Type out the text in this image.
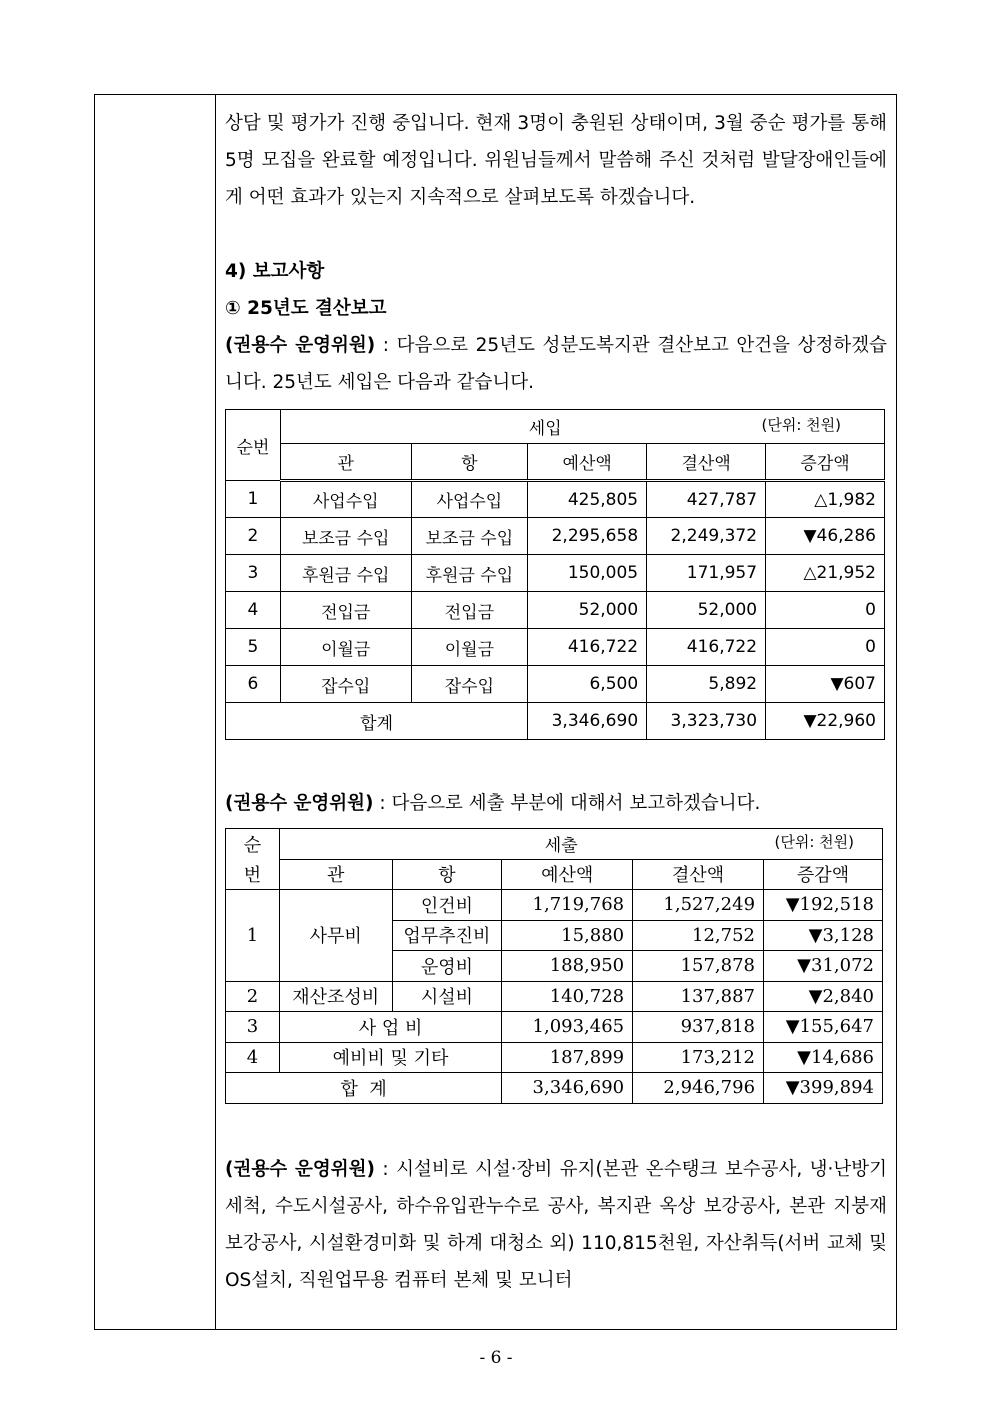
상담 및 평가가 진행 중입니다. 현재 3명이 충원된 상태이며, 3월 중순 평가를 통해 5명 모집을 완료할 예정입니다. 위원님들께서 말씀해 주신 것처럼 발달장애인들에게 어떤 효과가 있는지 지속적으로 살펴보도록 하겠습니다.

4) 보고사항

① 25년도 결산보고

(권용수 운영위원) : 다음으로 25년도 성분도복지관 결산보고 안건을 상정하겠습니다. 25년도 세입은 다음과 같습니다.

순번	세입 (단위: 천원)				

	관	항	예산액	결산액	증감액
1	사업수입	사업수입	425,805	427,787	△1,982
2	보조금 수입	보조금 수입	2,295,658	2,249,372	▼46,286
3	후원금 수입	후원금 수입	150,005	171,957	△21,952
4	전입금	전입금	52,000	52,000	0
5	이월금	이월금	416,722	416,722	0
6	잡수입	잡수입	6,500	5,892	▼607
합계			3,346,690	3,323,730	▼22,960

(권용수 운영위원) : 다음으로 세출 부분에 대해서 보고하겠습니다.

순	세출 (단위: 천원)				

번	관	항	예산액	결산액	증감액
1	사무비	인건비	1,719,768	1,527,249	▼192,518
		업무추진비	15,880	12,752	▼3,128
		운영비	188,950	157,878	▼31,072
2	재산조성비	시설비	140,728	137,887	▼2,840
3	사 업 비		1,093,465	937,818	▼155,647
4	예비비 및 기타		187,899	173,212	▼14,686
합  계			3,346,690	2,946,796	▼399,894

(권용수 운영위원) : 시설비로 시설·장비 유지(본관 온수탱크 보수공사, 냉·난방기 세척, 수도시설공사, 하수유입관누수로 공사, 복지관 옥상 보강공사, 본관 지붕재 보강공사, 시설환경미화 및 하계 대청소 외) 110,815천원, 자산취득(서버 교체 및 OS설치, 직원업무용 컴퓨터 본체 및 모니터

- 6 -
